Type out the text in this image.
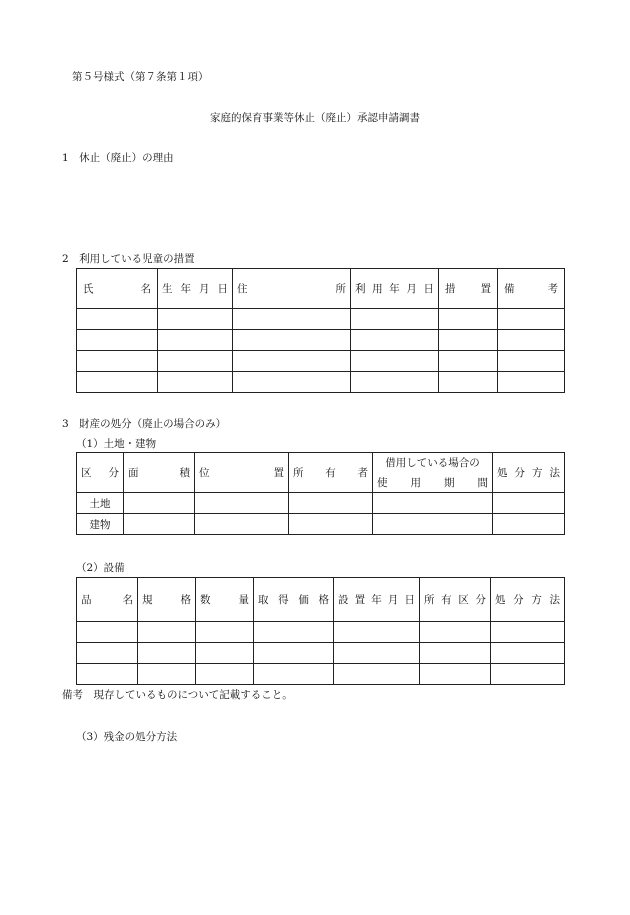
第５号様式（第７条第１項）
家庭的保育事業等休止（廃止）承認申請調書
1　休止（廃止）の理由
2　利用している児童の措置
氏 名	生 年 月 日	住 所	利 用 年 月 日	措 置	備 考

3　財産の処分（廃止の場合のみ）
（1）土地・建物
区 分	面 積	位 置	所 有 者	借用している場合の	処 分 方 法

				使 用 期 間	

土地					
建物					
（2）設備
品 名	規 格	数 量	取 得 価 格	設 置 年 月 日	所 有 区 分	処 分 方 法

備考　現存しているものについて記載すること。
（3）残金の処分方法
